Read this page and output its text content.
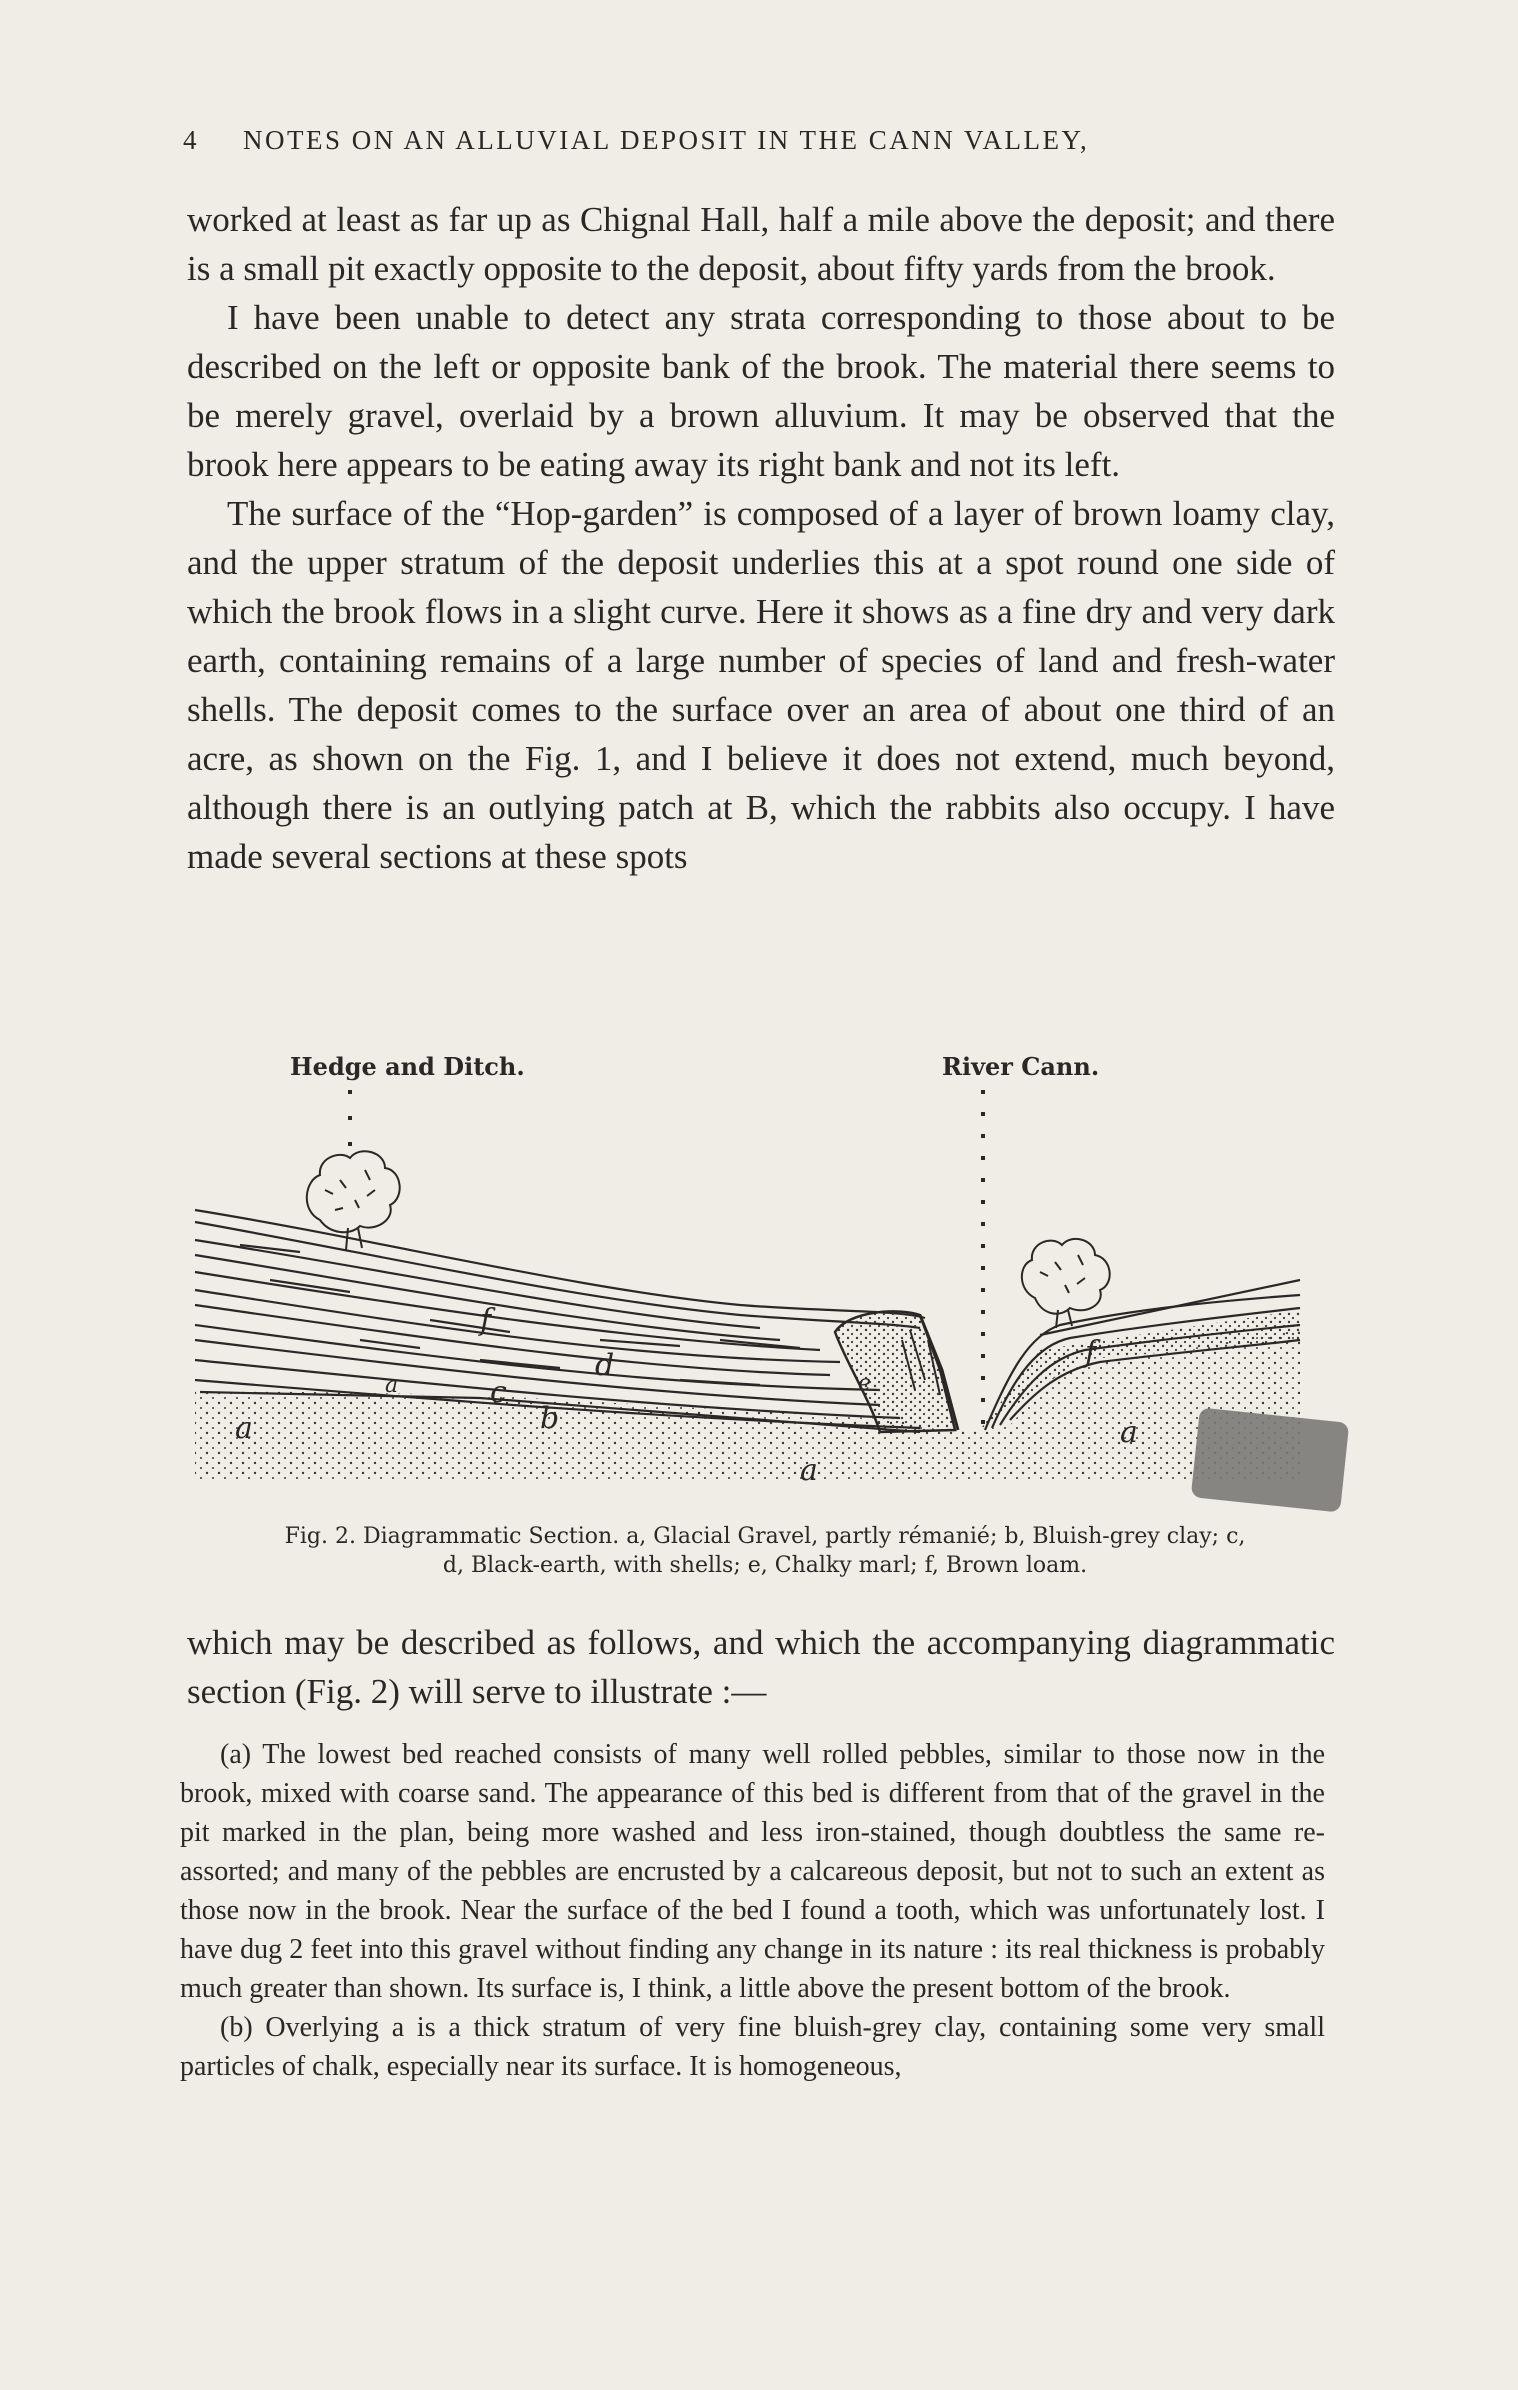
4	NOTES ON AN ALLUVIAL DEPOSIT IN THE CANN VALLEY,

worked at least as far up as Chignal Hall, half a mile above the deposit; and there is a small pit exactly opposite to the deposit, about fifty yards from the brook.

I have been unable to detect any strata corresponding to those about to be described on the left or opposite bank of the brook. The material there seems to be merely gravel, overlaid by a brown alluvium. It may be observed that the brook here appears to be eating away its right bank and not its left.

The surface of the “Hop-garden” is composed of a layer of brown loamy clay, and the upper stratum of the deposit underlies this at a spot round one side of which the brook flows in a slight curve. Here it shows as a fine dry and very dark earth, containing remains of a large number of species of land and fresh-water shells. The deposit comes to the surface over an area of about one third of an acre, as shown on the Fig. 1, and I believe it does not extend, much beyond, although there is an outlying patch at B, which the rabbits also occupy. I have made several sections at these spots

Hedge and Ditch.	River Cann.
a
a
a
b
c
d
e
f
f
a
Fig. 2. Diagrammatic Section. a, Glacial Gravel, partly rémanié; b, Bluish-grey clay; c,
d, Black-earth, with shells; e, Chalky marl; f, Brown loam.

which may be described as follows, and which the accompanying diagrammatic section (Fig. 2) will serve to illustrate :—

(a) The lowest bed reached consists of many well rolled pebbles, similar to those now in the brook, mixed with coarse sand. The appearance of this bed is different from that of the gravel in the pit marked in the plan, being more washed and less iron-stained, though doubtless the same re-assorted; and many of the pebbles are encrusted by a calcareous deposit, but not to such an extent as those now in the brook. Near the surface of the bed I found a tooth, which was unfortunately lost. I have dug 2 feet into this gravel without finding any change in its nature : its real thickness is probably much greater than shown. Its surface is, I think, a little above the present bottom of the brook.

(b) Overlying a is a thick stratum of very fine bluish-grey clay, containing some very small particles of chalk, especially near its surface. It is homogeneous,
